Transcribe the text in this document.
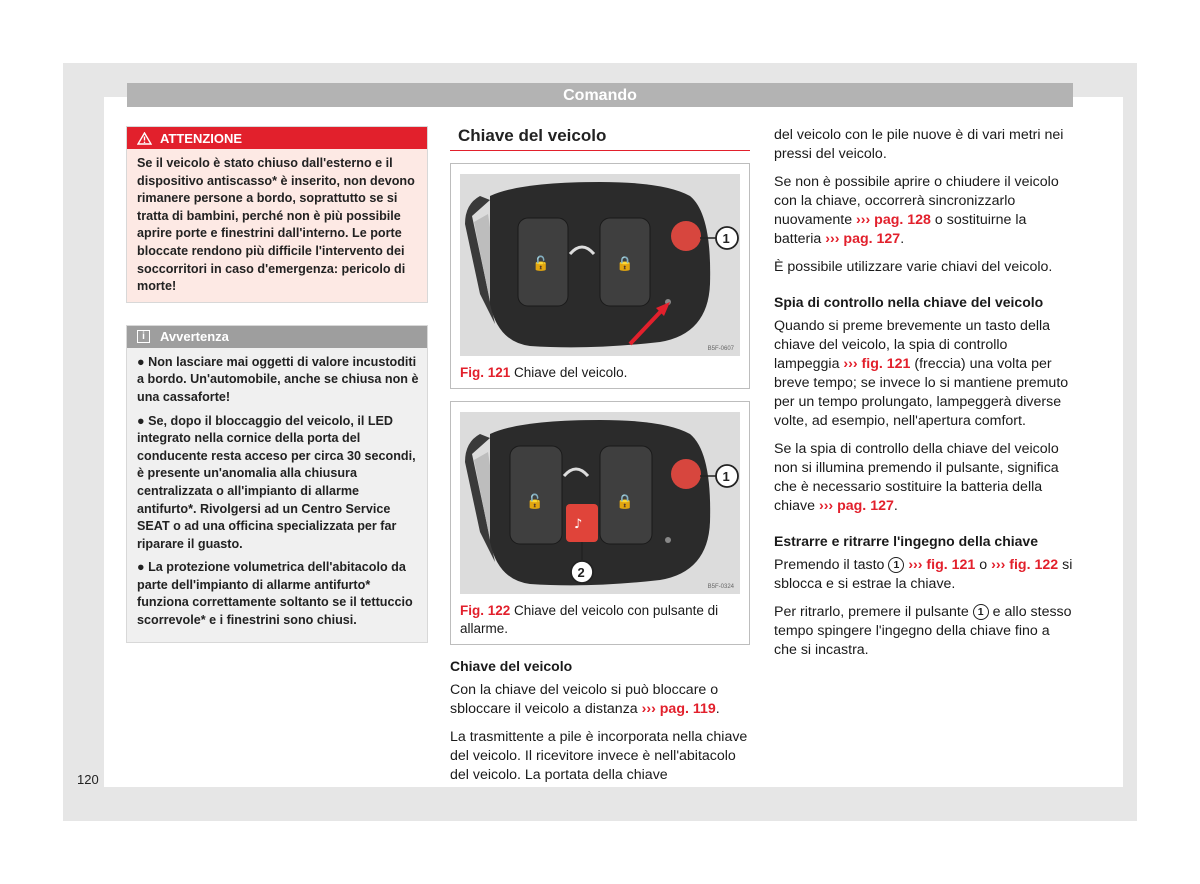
Comando
ATTENZIONE
Se il veicolo è stato chiuso dall'esterno e il dispositivo antiscasso* è inserito, non devono rimanere persone a bordo, soprattutto se si tratta di bambini, perché non è più possibile aprire porte e finestrini dall'interno. Le porte bloccate rendono più difficile l'intervento dei soccorritori in caso d'emergenza: pericolo di morte!
i	Avvertenza

● Non lasciare mai oggetti di valore incustoditi a bordo. Un'automobile, anche se chiusa non è una cassaforte!

● Se, dopo il bloccaggio del veicolo, il LED integrato nella cornice della porta del conducente resta acceso per circa 30 secondi, è presente un'anomalia alla chiusura centralizzata o all'impianto di allarme antifurto*. Rivolgersi ad un Centro Service SEAT o ad una officina specializzata per far riparare il guasto.

● La protezione volumetrica dell'abitacolo da parte dell'impianto di allarme antifurto* funziona correttamente soltanto se il tettuccio scorrevole* e i finestrini sono chiusi.

Chiave del veicolo
🔓	🔒
1
B5F-0607
Fig. 121 Chiave del veicolo.
🔓	🔒
♪
1
2
B5F-0324
Fig. 122 Chiave del veicolo con pulsante di allarme.
Chiave del veicolo

Con la chiave del veicolo si può bloccare o sbloccare il veicolo a distanza ››› pag. 119.

La trasmittente a pile è incorporata nella chiave del veicolo. Il ricevitore invece è nell'abitacolo del veicolo. La portata della chiave

del veicolo con le pile nuove è di vari metri nei pressi del veicolo.

Se non è possibile aprire o chiudere il veicolo con la chiave, occorrerà sincronizzarlo nuovamente ››› pag. 128 o sostituirne la batteria ››› pag. 127.

È possibile utilizzare varie chiavi del veicolo.

Spia di controllo nella chiave del veicolo

Quando si preme brevemente un tasto della chiave del veicolo, la spia di controllo lampeggia ››› fig. 121 (freccia) una volta per breve tempo; se invece lo si mantiene premuto per un tempo prolungato, lampeggerà diverse volte, ad esempio, nell'apertura comfort.

Se la spia di controllo della chiave del veicolo non si illumina premendo il pulsante, significa che è necessario sostituire la batteria della chiave ››› pag. 127.

Estrarre e ritrarre l'ingegno della chiave

Premendo il tasto 1 ››› fig. 121 o ››› fig. 122 si sblocca e si estrae la chiave.

Per ritrarlo, premere il pulsante 1 e allo stesso tempo spingere l'ingegno della chiave fino a che si incastra.

120
